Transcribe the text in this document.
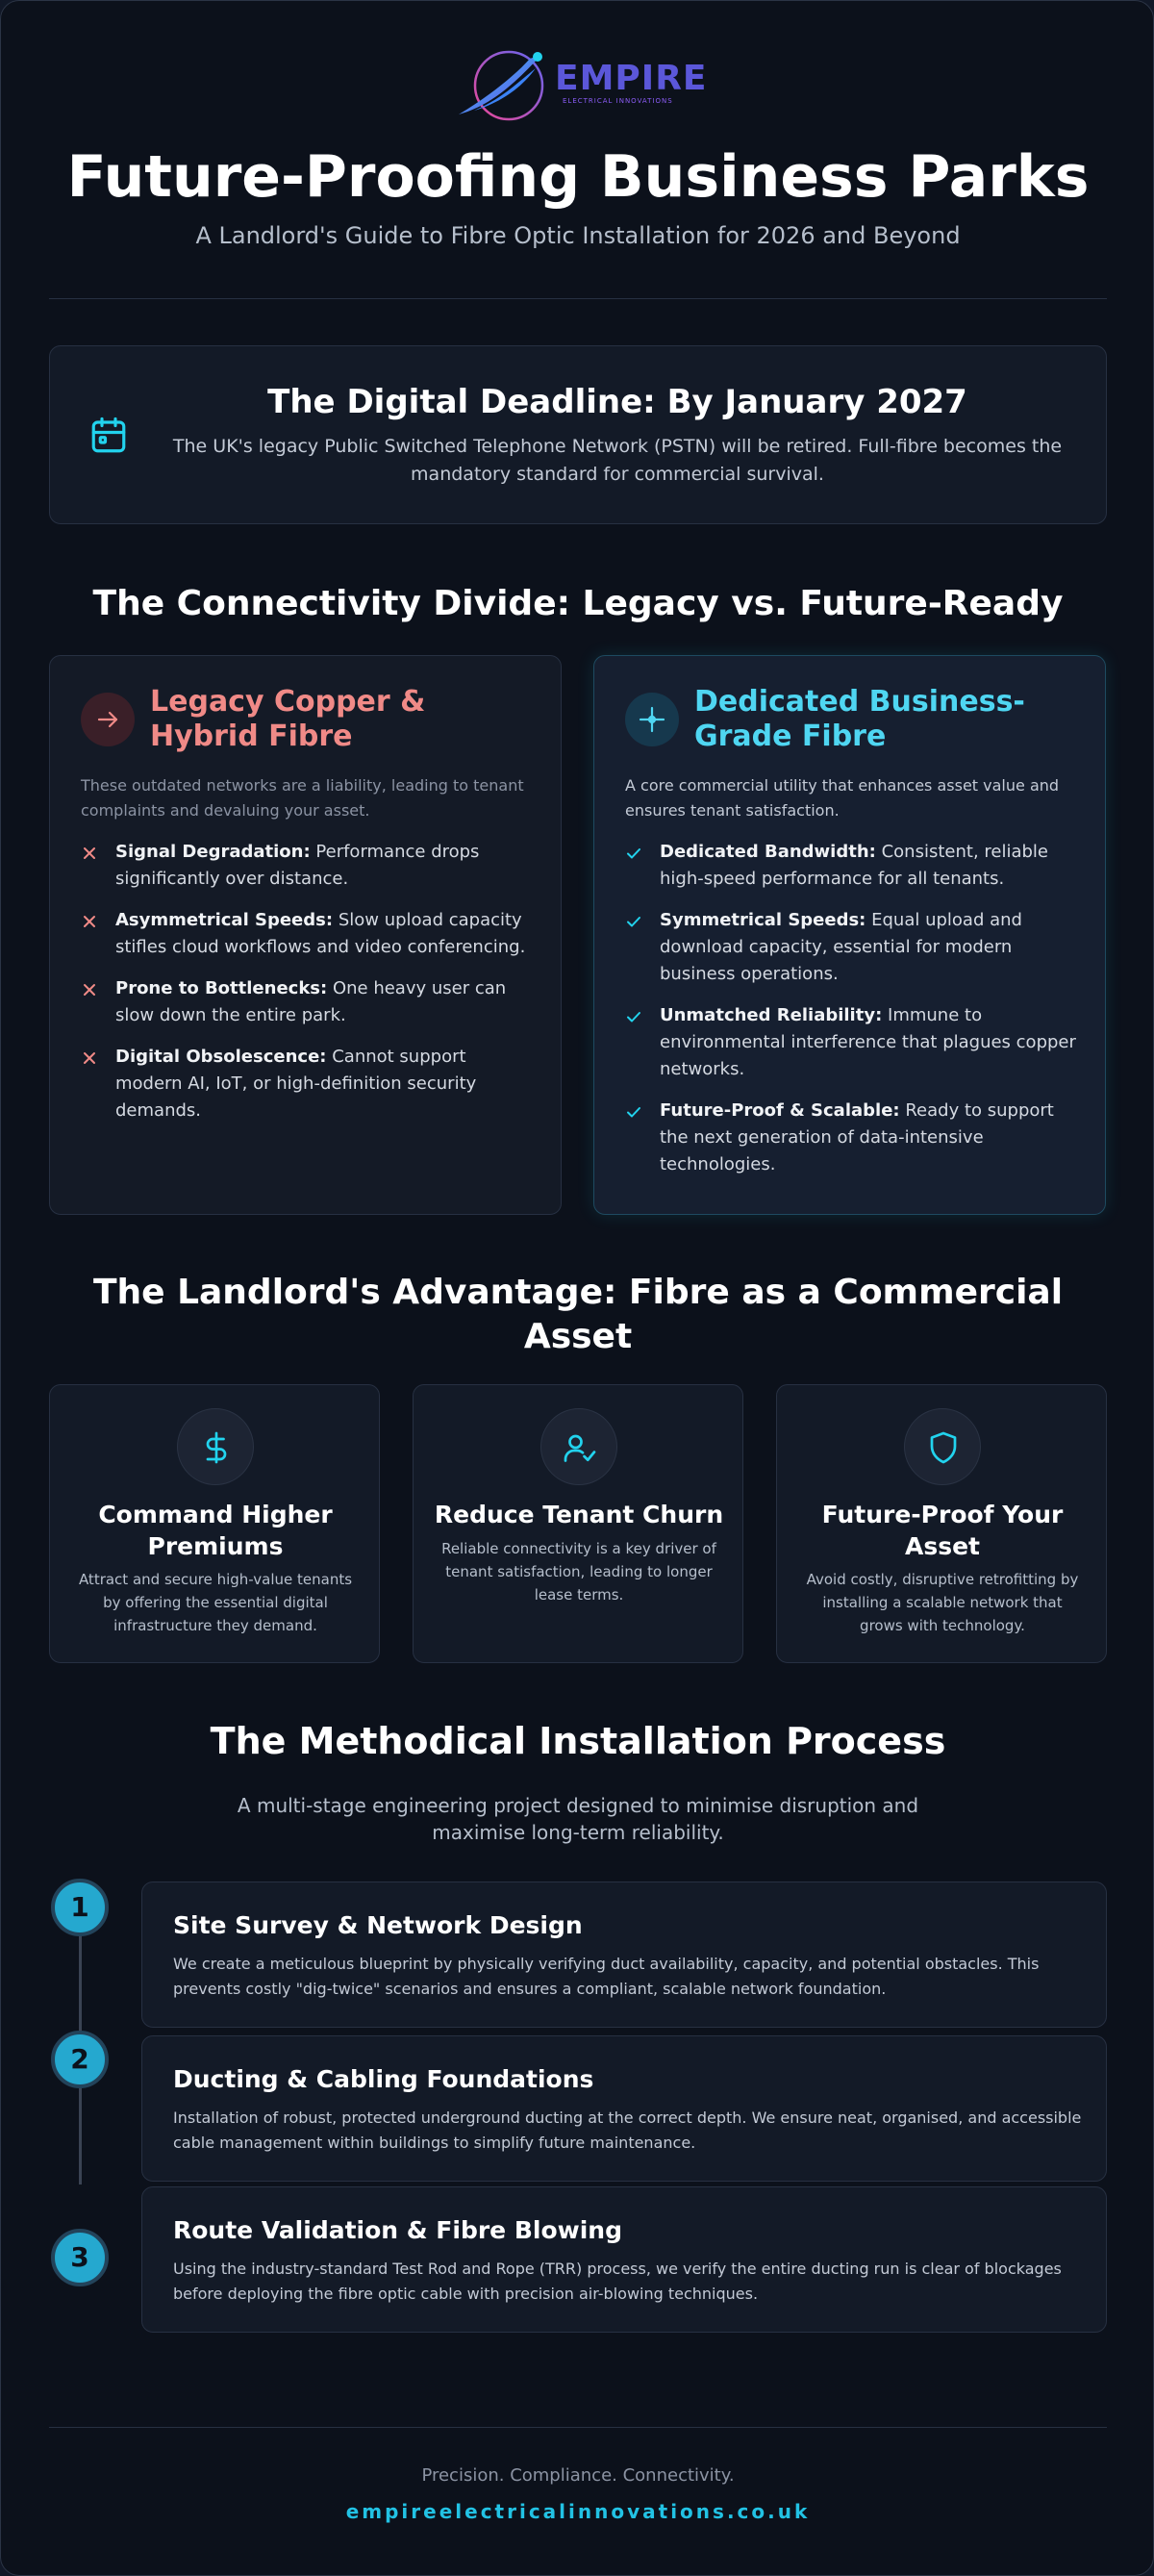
EMPIRE
ELECTRICAL INNOVATIONS
Future-Proofing Business Parks
A Landlord's Guide to Fibre Optic Installation for 2026 and Beyond
The Digital Deadline: By January 2027

The UK's legacy Public Switched Telephone Network (PSTN) will be retired. Full-fibre becomes the mandatory standard for commercial survival.

The Connectivity Divide: Legacy vs. Future-Ready
Legacy Copper &
Hybrid Fibre
These outdated networks are a liability, leading to tenant complaints and devaluing your asset.
Signal Degradation: Performance drops significantly over distance.
Asymmetrical Speeds: Slow upload capacity stifles cloud workflows and video conferencing.
Prone to Bottlenecks: One heavy user can slow down the entire park.
Digital Obsolescence: Cannot support modern AI, IoT, or high-definition security demands.
Dedicated Business-
Grade Fibre
A core commercial utility that enhances asset value and ensures tenant satisfaction.
Dedicated Bandwidth: Consistent, reliable high-speed performance for all tenants.
Symmetrical Speeds: Equal upload and download capacity, essential for modern business operations.
Unmatched Reliability: Immune to environmental interference that plagues copper networks.
Future-Proof & Scalable: Ready to support the next generation of data-intensive technologies.
The Landlord's Advantage: Fibre as a Commercial Asset
Command Higher Premiums

Attract and secure high-value tenants by offering the essential digital infrastructure they demand.

Reduce Tenant Churn

Reliable connectivity is a key driver of tenant satisfaction, leading to longer lease terms.

Future-Proof Your Asset

Avoid costly, disruptive retrofitting by installing a scalable network that grows with technology.

The Methodical Installation Process
A multi-stage engineering project designed to minimise disruption and maximise long-term reliability.
1
Site Survey & Network Design

We create a meticulous blueprint by physically verifying duct availability, capacity, and potential obstacles. This prevents costly "dig-twice" scenarios and ensures a compliant, scalable network foundation.

2
Ducting & Cabling Foundations

Installation of robust, protected underground ducting at the correct depth. We ensure neat, organised, and accessible cable management within buildings to simplify future maintenance.

3
Route Validation & Fibre Blowing

Using the industry-standard Test Rod and Rope (TRR) process, we verify the entire ducting run is clear of blockages before deploying the fibre optic cable with precision air-blowing techniques.

Precision. Compliance. Connectivity.
empireelectricalinnovations.co.uk
